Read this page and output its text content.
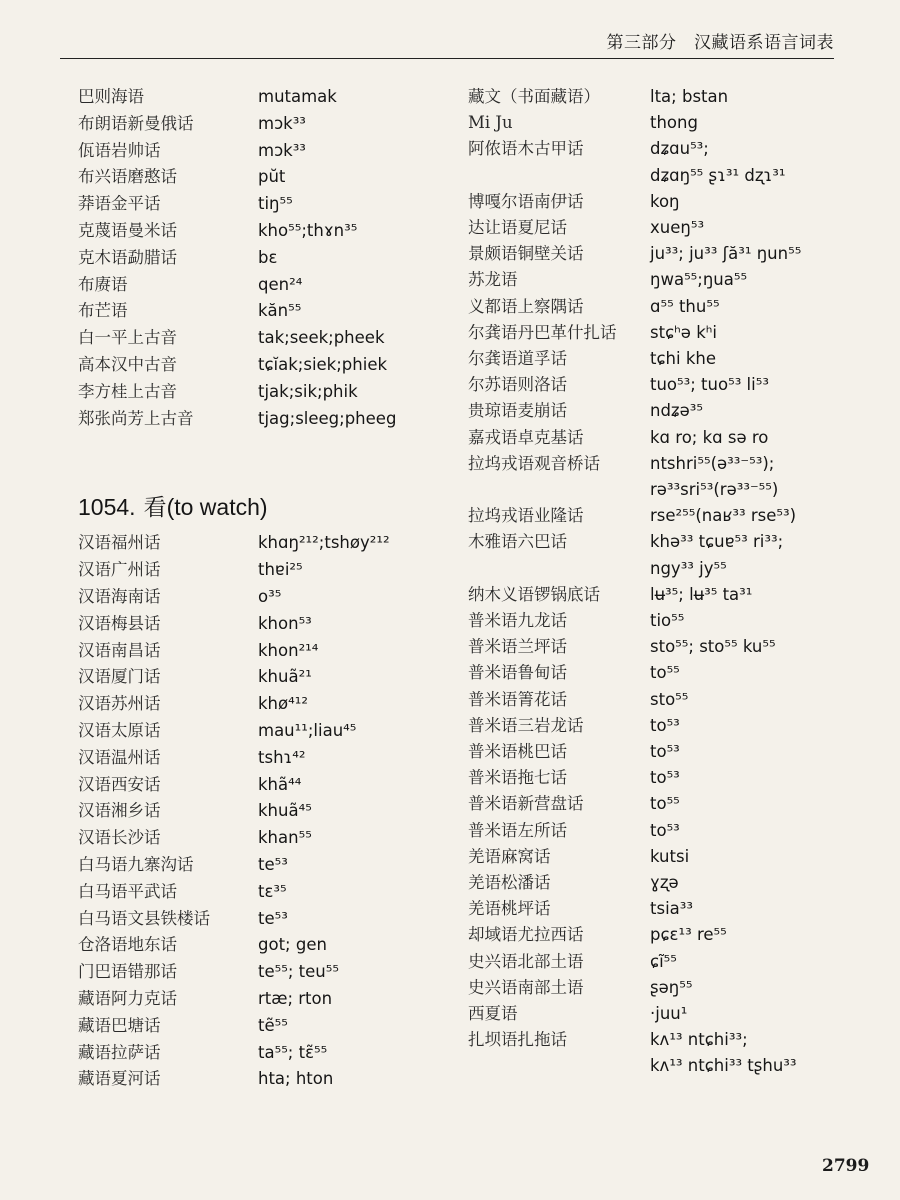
第三部分　汉藏语系语言词表
巴则海语	mutamak
布朗语新曼俄话	mɔk³³
佤语岩帅话	mɔk³³
布兴语磨憨话	pŭt
莽语金平话	tiŋ⁵⁵
克蔑语曼米话	kho⁵⁵;thɤn³⁵
克木语勐腊话	bɛ
布赓语	qen²⁴
布芒语	kăn⁵⁵
白一平上古音	tak;seek;pheek
高本汉中古音	tɕĭak;siek;phiek
李方桂上古音	tjak;sik;phik
郑张尚芳上古音	tjag;sleeg;pheeg
1054. 看(to watch)
汉语福州话	khɑŋ²¹²;tshøy²¹²
汉语广州话	thɐi²⁵
汉语海南话	o³⁵
汉语梅县话	khon⁵³
汉语南昌话	khon²¹⁴
汉语厦门话	khuã²¹
汉语苏州话	khø⁴¹²
汉语太原话	mau¹¹;liau⁴⁵
汉语温州话	tshɿ⁴²
汉语西安话	khã⁴⁴
汉语湘乡话	khuã⁴⁵
汉语长沙话	khan⁵⁵
白马语九寨沟话	te⁵³
白马语平武话	tɛ³⁵
白马语文县铁楼话	te⁵³
仓洛语地东话	got; gen
门巴语错那话	te⁵⁵; teu⁵⁵
藏语阿力克话	rtæ; rton
藏语巴塘话	tẽ⁵⁵
藏语拉萨话	ta⁵⁵; tɛ̃⁵⁵
藏语夏河话	hta; hton
藏文（书面藏语）	lta; bstan
Mi Ju	thong
阿侬语木古甲话	dʑɑu⁵³;
dʑɑŋ⁵⁵ ʂɿ³¹ dʐɿ³¹
博嘎尔语南伊话	koŋ
达让语夏尼话	xueŋ⁵³
景颇语铜壁关话	ju³³; ju³³ ʃă³¹ ŋun⁵⁵
苏龙语	ŋwa⁵⁵;ŋua⁵⁵
义都语上察隅话	ɑ⁵⁵ thu⁵⁵
尔龚语丹巴革什扎话	stɕʰə kʰi
尔龚语道孚话	tɕhi khe
尔苏语则洛话	tuo⁵³; tuo⁵³ li⁵³
贵琼语麦崩话	ndʑə³⁵
嘉戎语卓克基话	kɑ ro; kɑ sə ro
拉坞戎语观音桥话	ntshri⁵⁵(ə³³⁻⁵³);
rə³³sri⁵³(rə³³⁻⁵⁵)
拉坞戎语业隆话	rse²⁵⁵(naʁ³³ rse⁵³)
木雅语六巴话	khə³³ tɕuɐ⁵³ ri³³;
ngy³³ jy⁵⁵
纳木义语锣锅底话	lʉ³⁵; lʉ³⁵ ta³¹
普米语九龙话	tio⁵⁵
普米语兰坪话	sto⁵⁵; sto⁵⁵ ku⁵⁵
普米语鲁甸话	to⁵⁵
普米语箐花话	sto⁵⁵
普米语三岩龙话	to⁵³
普米语桃巴话	to⁵³
普米语拖七话	to⁵³
普米语新营盘话	to⁵⁵
普米语左所话	to⁵³
羌语麻窝话	kutsi
羌语松潘话	ɣʐə
羌语桃坪话	tsia³³
却域语尤拉西话	pɕɛ¹³ re⁵⁵
史兴语北部土语	ɕĩ⁵⁵
史兴语南部土语	ʂəŋ⁵⁵
西夏语	·juu¹
扎坝语扎拖话	kʌ¹³ ntɕhi³³;
kʌ¹³ ntɕhi³³ tʂhu³³
2799
